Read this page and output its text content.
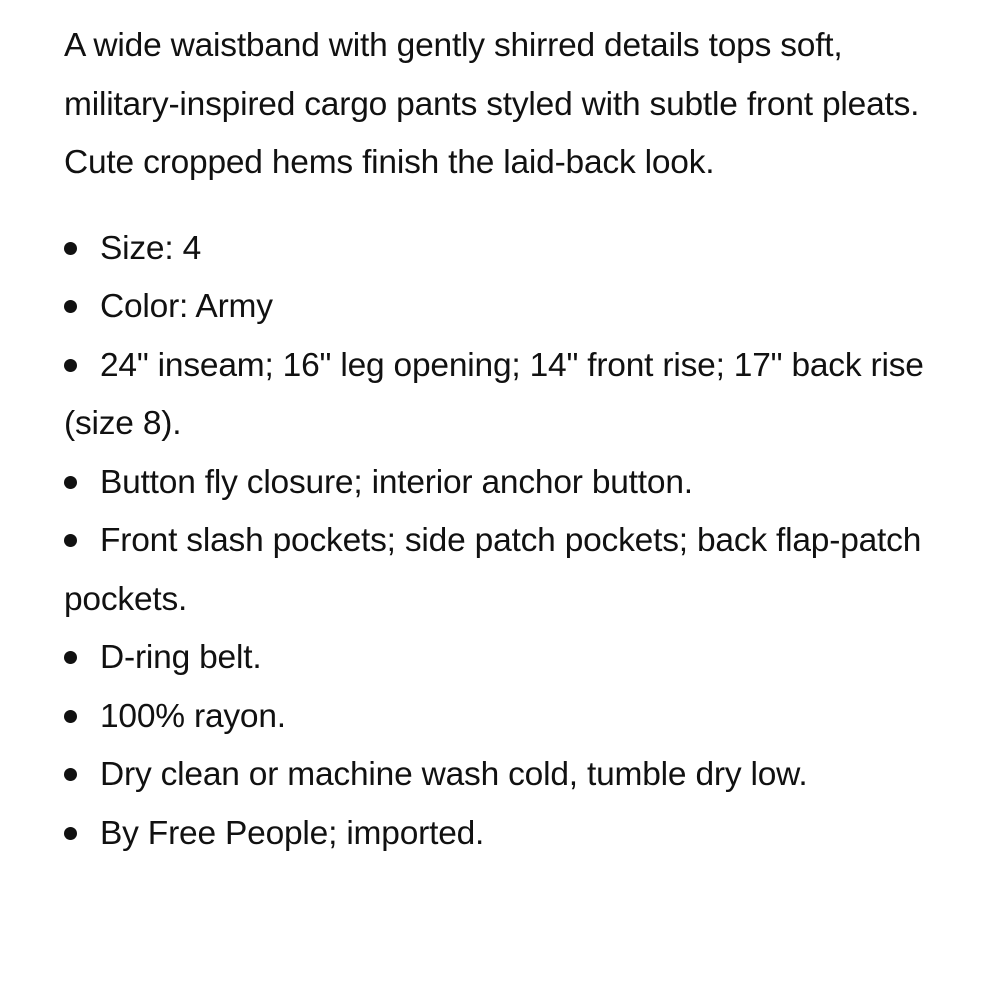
A wide waistband with gently shirred details tops soft, military-inspired cargo pants styled with subtle front pleats. Cute cropped hems finish the laid-back look.

Size: 4
Color: Army
24" inseam; 16" leg opening; 14" front rise; 17" back rise (size 8).
Button fly closure; interior anchor button.
Front slash pockets; side patch pockets; back flap-patch pockets.
D-ring belt.
100% rayon.
Dry clean or machine wash cold, tumble dry low.
By Free People; imported.
